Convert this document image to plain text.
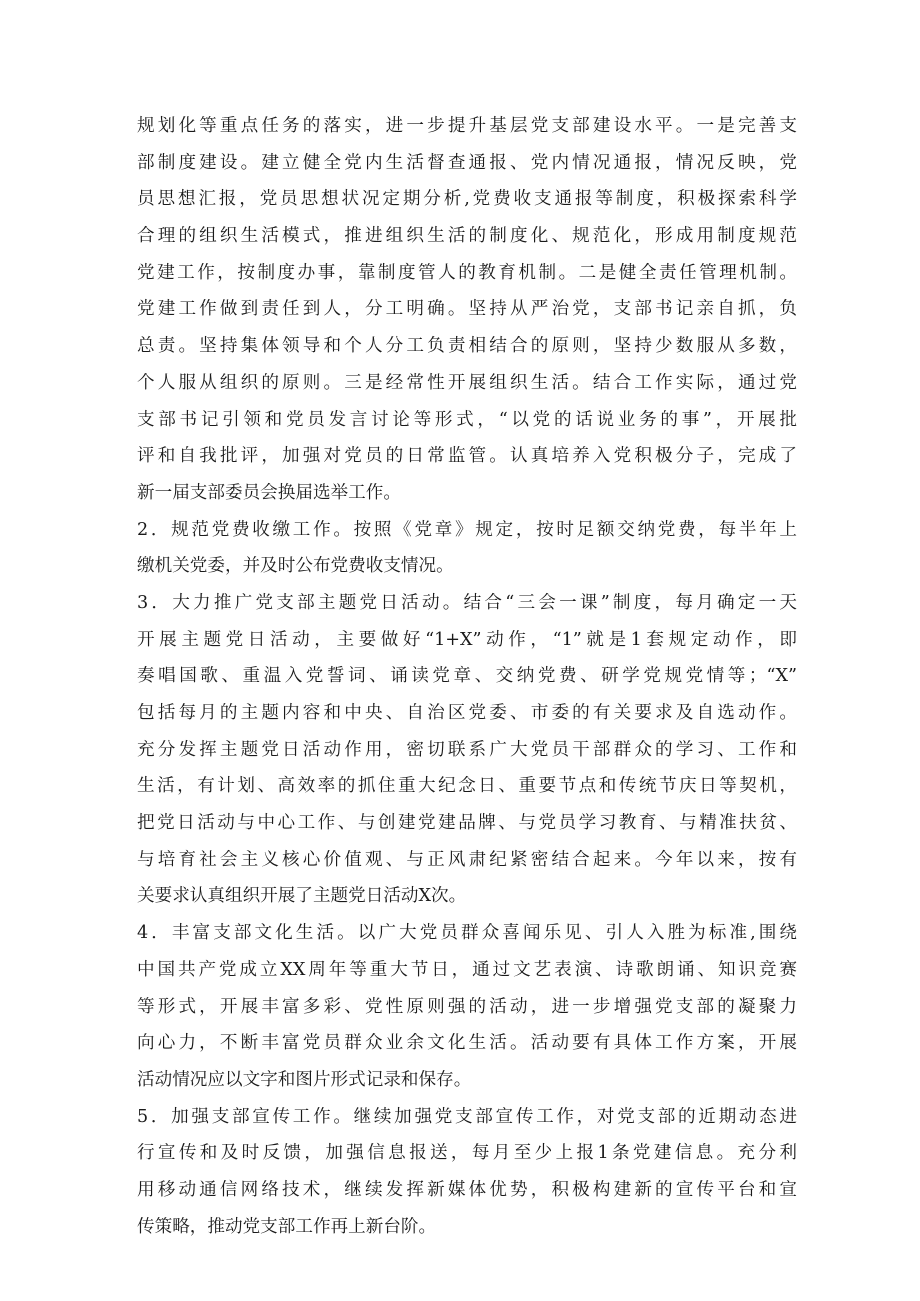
规划化等重点任务的落实，进一步提升基层党支部建设水平。一是完善支
部制度建设。建立健全党内生活督查通报、党内情况通报，情况反映，党
员思想汇报，党员思想状况定期分析,党费收支通报等制度，积极探索科学
合理的组织生活模式，推进组织生活的制度化、规范化，形成用制度规范
党建工作，按制度办事，靠制度管人的教育机制。二是健全责任管理机制。
党建工作做到责任到人，分工明确。坚持从严治党，支部书记亲自抓，负
总责。坚持集体领导和个人分工负责相结合的原则，坚持少数服从多数，
个人服从组织的原则。三是经常性开展组织生活。结合工作实际，通过党
支部书记引领和党员发言讨论等形式，“以党的话说业务的事”，开展批
评和自我批评，加强对党员的日常监管。认真培养入党积极分子，完成了
新一届支部委员会换届选举工作。
2．规范党费收缴工作。按照《党章》规定，按时足额交纳党费，每半年上
缴机关党委，并及时公布党费收支情况。
3．大力推广党支部主题党日活动。结合“三会一课”制度，每月确定一天
开展主题党日活动，主要做好“1+X”动作，“1”就是1套规定动作，即
奏唱国歌、重温入党誓词、诵读党章、交纳党费、研学党规党情等；“X”
包括每月的主题内容和中央、自治区党委、市委的有关要求及自选动作。
充分发挥主题党日活动作用，密切联系广大党员干部群众的学习、工作和
生活，有计划、高效率的抓住重大纪念日、重要节点和传统节庆日等契机，
把党日活动与中心工作、与创建党建品牌、与党员学习教育、与精准扶贫、
与培育社会主义核心价值观、与正风肃纪紧密结合起来。今年以来，按有
关要求认真组织开展了主题党日活动X次。
4．丰富支部文化生活。以广大党员群众喜闻乐见、引人入胜为标准,围绕
中国共产党成立XX周年等重大节日，通过文艺表演、诗歌朗诵、知识竞赛
等形式，开展丰富多彩、党性原则强的活动，进一步增强党支部的凝聚力
向心力，不断丰富党员群众业余文化生活。活动要有具体工作方案，开展
活动情况应以文字和图片形式记录和保存。
5．加强支部宣传工作。继续加强党支部宣传工作，对党支部的近期动态进
行宣传和及时反馈，加强信息报送，每月至少上报1条党建信息。充分利
用移动通信网络技术，继续发挥新媒体优势，积极构建新的宣传平台和宣
传策略，推动党支部工作再上新台阶。
